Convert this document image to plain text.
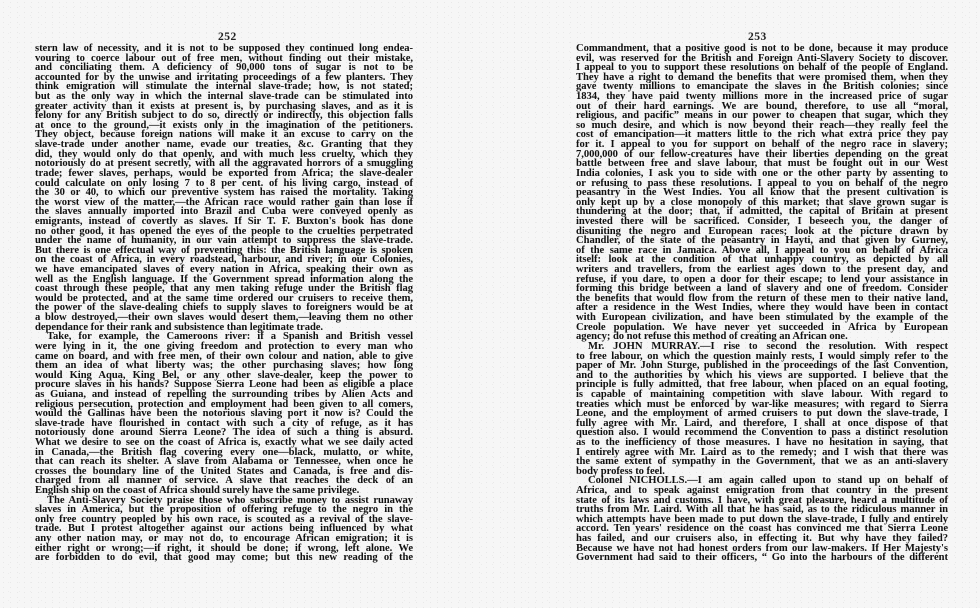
252
stern law of necessity, and it is not to be supposed they continued long endea-
vouring to coerce labour out of free men, without finding out their mistake,
and conciliating them. A deficiency of 90,000 tons of sugar is not to be
accounted for by the unwise and irritating proceedings of a few planters. They
think emigration will stimulate the internal slave-trade; how, is not stated;
but as the only way in which the internal slave-trade can be stimulated into
greater activity than it exists at present is, by purchasing slaves, and as it is
felony for any British subject to do so, directly or indirectly, this objection falls
at once to the ground,—it exists only in the imagination of the petitioners.
They object, because foreign nations will make it an excuse to carry on the
slave-trade under another name, evade our treaties, &c. Granting that they
did, they would only do that openly, and with much less cruelty, which they
notoriously do at present secretly, with all the aggravated horrors of a smuggling
trade; fewer slaves, perhaps, would be exported from Africa; the slave-dealer
could calculate on only losing 7 to 8 per cent. of his living cargo, instead of
the 30 or 40, to which our preventive system has raised the mortality. Taking
the worst view of the matter,—the African race would rather gain than lose if
the slaves annually imported into Brazil and Cuba were conveyed openly as
emigrants, instead of covertly as slaves. If Sir T. F. Buxton's book has done
no other good, it has opened the eyes of the people to the cruelties perpetrated
under the name of humanity, in our vain attempt to suppress the slave-trade.
But there is one effectual way of preventing this: the British language is spoken
on the coast of Africa, in every roadstead, harbour, and river; in our Colonies,
we have emancipated slaves of every nation in Africa, speaking their own as
well as the English language. If the Government spread information along the
coast through these people, that any men taking refuge under the British flag
would be protected, and at the same time ordered our cruisers to receive them,
the power of the slave-dealing chiefs to supply slaves to foreigners would be at
a blow destroyed,—their own slaves would desert them,—leaving them no other
dependance for their rank and subsistence than legitimate trade.
Take, for example, the Cameroons river: if a Spanish and British vessel
were lying in it, the one giving freedom and protection to every man who
came on board, and with free men, of their own colour and nation, able to give
them an idea of what liberty was; the other purchasing slaves; how long
would King Aqua, King Bel, or any other slave-dealer, keep the power to
procure slaves in his hands? Suppose Sierra Leone had been as eligible a place
as Guiana, and instead of repelling the surrounding tribes by Alien Acts and
religious persecution, protection and employment had been given to all comers,
would the Gallinas have been the notorious slaving port it now is? Could the
slave-trade have flourished in contact with such a city of refuge, as it has
notoriously done around Sierra Leone? The idea of such a thing is absurd.
What we desire to see on the coast of Africa is, exactly what we see daily acted
in Canada,—the British flag covering every one—black, mulatto, or white,
that can reach its shelter. A slave from Alabama or Tennessee, when once he
crosses the boundary line of the United States and Canada, is free and dis-
charged from all manner of service. A slave that reaches the deck of an
English ship on the coast of Africa should surely have the same privilege.
The Anti-Slavery Society praise those who subscribe money to assist runaway
slaves in America, but the proposition of offering refuge to the negro in the
only free country peopled by his own race, is scouted as a revival of the slave-
trade. But I protest altogether against our actions being influenced by what
any other nation may, or may not do, to encourage African emigration; it is
either right or wrong;—if right, it should be done; if wrong, left alone. We
are forbidden to do evil, that good may come; but this new reading of the
253
Commandment, that a positive good is not to be done, because it may produce
evil, was reserved for the British and Foreign Anti-Slavery Society to discover.
I appeal to you to support these resolutions on behalf of the people of England.
They have a right to demand the benefits that were promised them, when they
gave twenty millions to emancipate the slaves in the British colonies; since
1834, they have paid twenty millions more in the increased price of sugar
out of their hard earnings. We are bound, therefore, to use all “moral,
religious, and pacific” means in our power to cheapen that sugar, which they
so much desire, and which is now beyond their reach—they really feel the
cost of emancipation—it matters little to the rich what extra price they pay
for it. I appeal to you for support on behalf of the negro race in slavery;
7,000,000 of our fellow-creatures have their liberties depending on the great
battle between free and slave labour, that must be fought out in our West
India colonies, I ask you to side with one or the other party by assenting to
or refusing to pass these resolutions. I appeal to you on behalf of the negro
peasantry in the West Indies. You all know that the present cultivation is
only kept up by a close monopoly of this market; that slave grown sugar is
thundering at the door; that, if admitted, the capital of Britain at present
invested there will be sacrificed. Consider, I beseech you, the danger of
disuniting the negro and European races; look at the picture drawn by
Chandler, of the state of the peasantry in Hayti, and that given by Gurney,
of the same race in Jamaica. Above all, I appeal to you on behalf of Africa
itself: look at the condition of that unhappy country, as depicted by all
writers and travellers, from the earliest ages down to the present day, and
refuse, if you dare, to open a door for their escape; to lend your assistance in
forming this bridge between a land of slavery and one of freedom. Consider
the benefits that would flow from the return of these men to their native land,
after a residence in the West Indies, where they would have been in contact
with European civilization, and have been stimulated by the example of the
Creole population. We have never yet succeeded in Africa by European
agency; do not refuse this method of creating an African one.
Mr. JOHN MURRAY.—I rise to second the resolution. With respect
to free labour, on which the question mainly rests, I would simply refer to the
paper of Mr. John Sturge, published in the proceedings of the last Convention,
and to the authorities by which his views are supported. I believe that the
principle is fully admitted, that free labour, when placed on an equal footing,
is capable of maintaining competition with slave labour. With regard to
treaties which must be enforced by war-like measures; with regard to Sierra
Leone, and the employment of armed cruisers to put down the slave-trade, I
fully agree with Mr. Laird, and therefore, I shall at once dispose of that
question also. I would recommend the Convention to pass a distinct resolution
as to the inefficiency of those measures. I have no hesitation in saying, that
I entirely agree with Mr. Laird as to the remedy; and I wish that there was
the same extent of sympathy in the Government, that we as an anti-slavery
body profess to feel.
Colonel NICHOLLS.—I am again called upon to stand up on behalf of
Africa, and to speak against emigration from that country in the present
state of its laws and customs. I have, with great pleasure, heard a multitude of
truths from Mr. Laird. With all that he has said, as to the ridiculous manner in
which attempts have been made to put down the slave-trade, I fully and entirely
accord. Ten years' residence on the coast has convinced me that Sierra Leone
has failed, and our cruisers also, in effecting it. But why have they failed?
Because we have not had honest orders from our law-makers. If Her Majesty's
Government had said to their officers, “ Go into the harbours of the different
